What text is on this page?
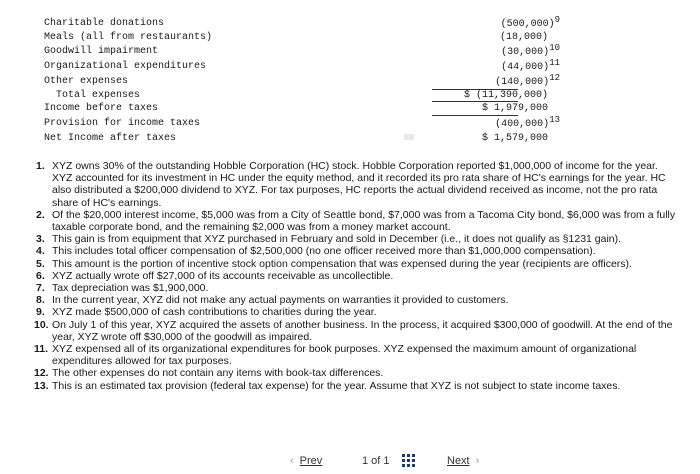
Charitable donations

	$(500,000)^9$

Meals (all from restaurants)

	(18,000)

Goodwill impairment

	$(30,000)^{10}$

Organizational expenditures

	$(44,000)^{11}$

Other expenses

	$(140,000)^{12}$

Total expenses

	$ (11,390,000)

Income before taxes

	$ 1,979,000

Provision for income taxes

	$(400,000)^{13}$

Net Income after taxes

	$ 1,579,000

1. XYZ owns 30% of the outstanding Hobble Corporation (HC) stock. Hobble Corporation reported $1,000,000 of income for the year. XYZ accounted for its investment in HC under the equity method, and it recorded its pro rata share of HC's earnings for the year. HC also distributed a $200,000 dividend to XYZ. For tax purposes, HC reports the actual dividend received as income, not the pro rata share of HC's earnings.
2. Of the $20,000 interest income, $5,000 was from a City of Seattle bond, $7,000 was from a Tacoma City bond, $6,000 was from a fully taxable corporate bond, and the remaining $2,000 was from a money market account.
3. This gain is from equipment that XYZ purchased in February and sold in December (i.e., it does not qualify as §1231 gain).
4. This includes total officer compensation of $2,500,000 (no one officer received more than $1,000,000 compensation).
5. This amount is the portion of incentive stock option compensation that was expensed during the year (recipients are officers).
6. XYZ actually wrote off $27,000 of its accounts receivable as uncollectible.
7. Tax depreciation was $1,900,000.
8. In the current year, XYZ did not make any actual payments on warranties it provided to customers.
9. XYZ made $500,000 of cash contributions to charities during the year.
10. On July 1 of this year, XYZ acquired the assets of another business. In the process, it acquired $300,000 of goodwill. At the end of the year, XYZ wrote off $30,000 of the goodwill as impaired.
11. XYZ expensed all of its organizational expenditures for book purposes. XYZ expensed the maximum amount of organizational expenditures allowed for tax purposes.
12. The other expenses do not contain any items with book-tax differences.
13. This is an estimated tax provision (federal tax expense) for the year. Assume that XYZ is not subject to state income taxes.
‹ Prev	1 of 1	Next ›
